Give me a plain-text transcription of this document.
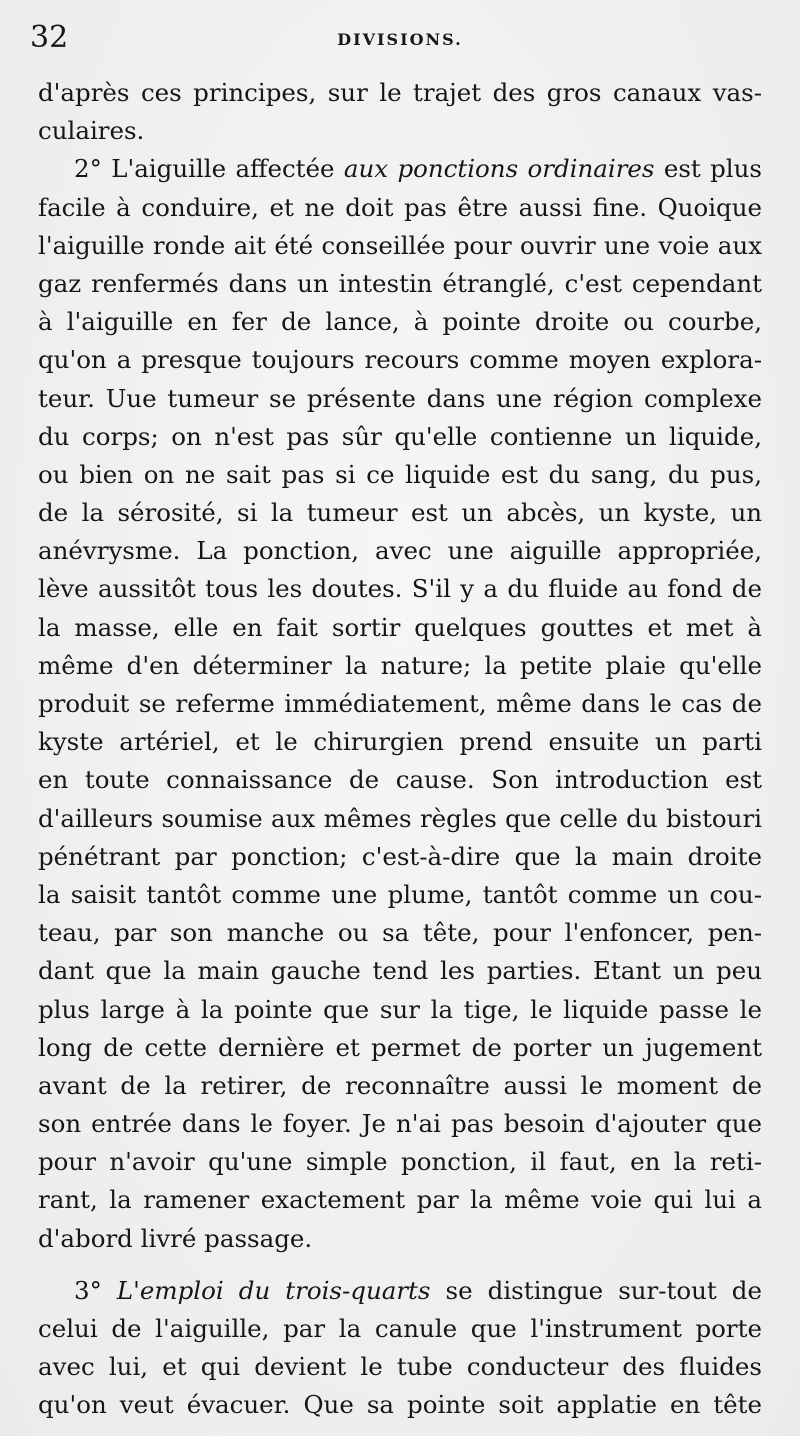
32	DIVISIONS.
d'après ces principes, sur le trajet des gros canaux vas-
culaires.
2° L'aiguille affectée aux ponctions ordinaires est plus
facile à conduire, et ne doit pas être aussi fine. Quoique
l'aiguille ronde ait été conseillée pour ouvrir une voie aux
gaz renfermés dans un intestin étranglé, c'est cependant
à l'aiguille en fer de lance, à pointe droite ou courbe,
qu'on a presque toujours recours comme moyen explora-
teur. Uue tumeur se présente dans une région complexe
du corps; on n'est pas sûr qu'elle contienne un liquide,
ou bien on ne sait pas si ce liquide est du sang, du pus,
de la sérosité, si la tumeur est un abcès, un kyste, un
anévrysme. La ponction, avec une aiguille appropriée,
lève aussitôt tous les doutes. S'il y a du fluide au fond de
la masse, elle en fait sortir quelques gouttes et met à
même d'en déterminer la nature; la petite plaie qu'elle
produit se referme immédiatement, même dans le cas de
kyste artériel, et le chirurgien prend ensuite un parti
en toute connaissance de cause. Son introduction est
d'ailleurs soumise aux mêmes règles que celle du bistouri
pénétrant par ponction; c'est-à-dire que la main droite
la saisit tantôt comme une plume, tantôt comme un cou-
teau, par son manche ou sa tête, pour l'enfoncer, pen-
dant que la main gauche tend les parties. Etant un peu
plus large à la pointe que sur la tige, le liquide passe le
long de cette dernière et permet de porter un jugement
avant de la retirer, de reconnaître aussi le moment de
son entrée dans le foyer. Je n'ai pas besoin d'ajouter que
pour n'avoir qu'une simple ponction, il faut, en la reti-
rant, la ramener exactement par la même voie qui lui a
d'abord livré passage.
3° L'emploi du trois-quarts se distingue sur-tout de
celui de l'aiguille, par la canule que l'instrument porte
avec lui, et qui devient le tube conducteur des fluides
qu'on veut évacuer. Que sa pointe soit applatie en tête
